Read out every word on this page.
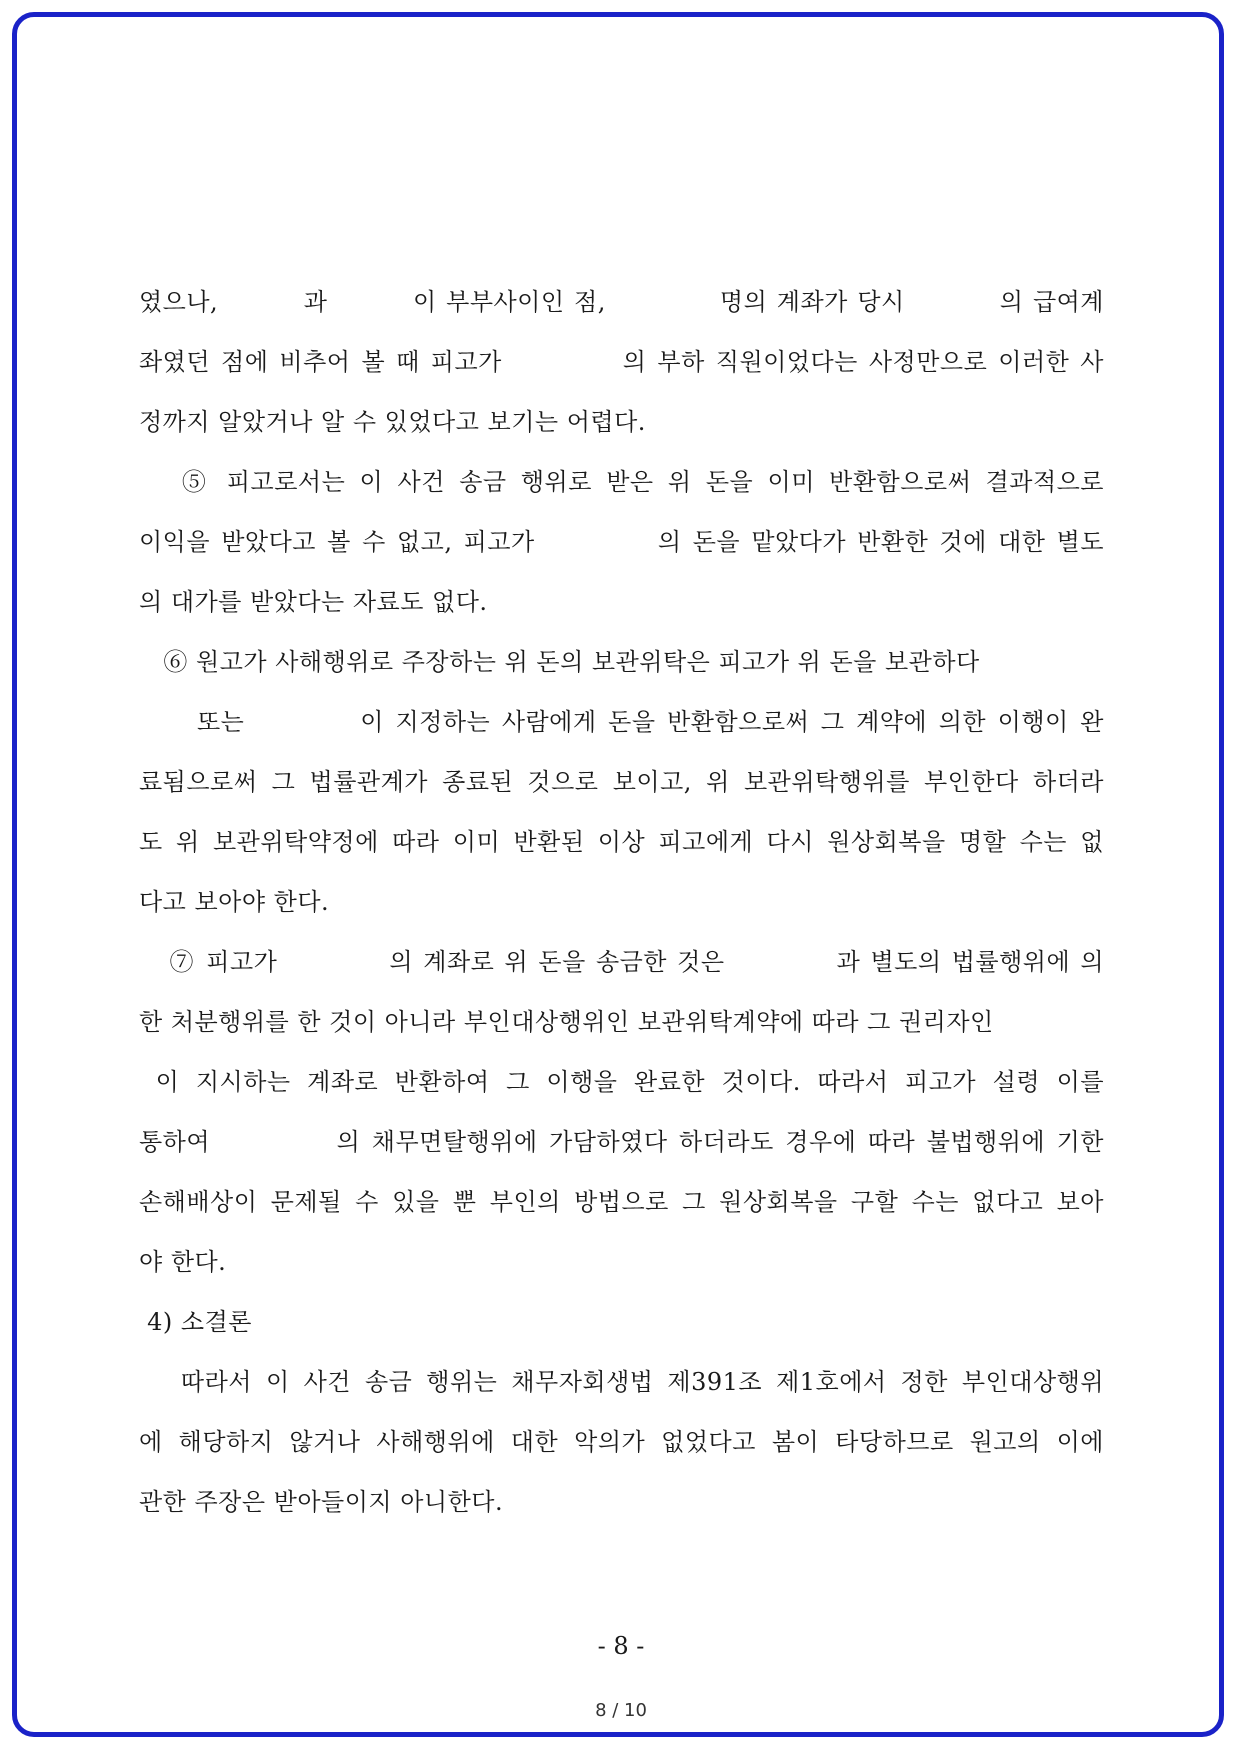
였으나,         과         이 부부사이인 점,            명의 계좌가 당시          의 급여계
좌였던 점에 비추어 볼 때 피고가           의 부하 직원이었다는 사정만으로 이러한 사
정까지 알았거나 알 수 있었다고 보기는 어렵다.
⑤ 피고로서는 이 사건 송금 행위로 받은 위 돈을 이미 반환함으로써 결과적으로
이익을 받았다고 볼 수 없고, 피고가           의 돈을 맡았다가 반환한 것에 대한 별도
의 대가를 받았다는 자료도 없다.
⑥ 원고가 사해행위로 주장하는 위 돈의 보관위탁은 피고가 위 돈을 보관하다
또는          이 지정하는 사람에게 돈을 반환함으로써 그 계약에 의한 이행이 완
료됨으로써 그 법률관계가 종료된 것으로 보이고, 위 보관위탁행위를 부인한다 하더라
도 위 보관위탁약정에 따라 이미 반환된 이상 피고에게 다시 원상회복을 명할 수는 없
다고 보아야 한다.
⑦ 피고가           의 계좌로 위 돈을 송금한 것은           과 별도의 법률행위에 의
한 처분행위를 한 것이 아니라 부인대상행위인 보관위탁계약에 따라 그 권리자인
이 지시하는 계좌로 반환하여 그 이행을 완료한 것이다. 따라서 피고가 설령 이를
통하여           의 채무면탈행위에 가담하였다 하더라도 경우에 따라 불법행위에 기한
손해배상이 문제될 수 있을 뿐 부인의 방법으로 그 원상회복을 구할 수는 없다고 보아
야 한다.
4) 소결론
따라서 이 사건 송금 행위는 채무자회생법 제391조 제1호에서 정한 부인대상행위
에 해당하지 않거나 사해행위에 대한 악의가 없었다고 봄이 타당하므로 원고의 이에
관한 주장은 받아들이지 아니한다.
- 8 -
8 / 10
